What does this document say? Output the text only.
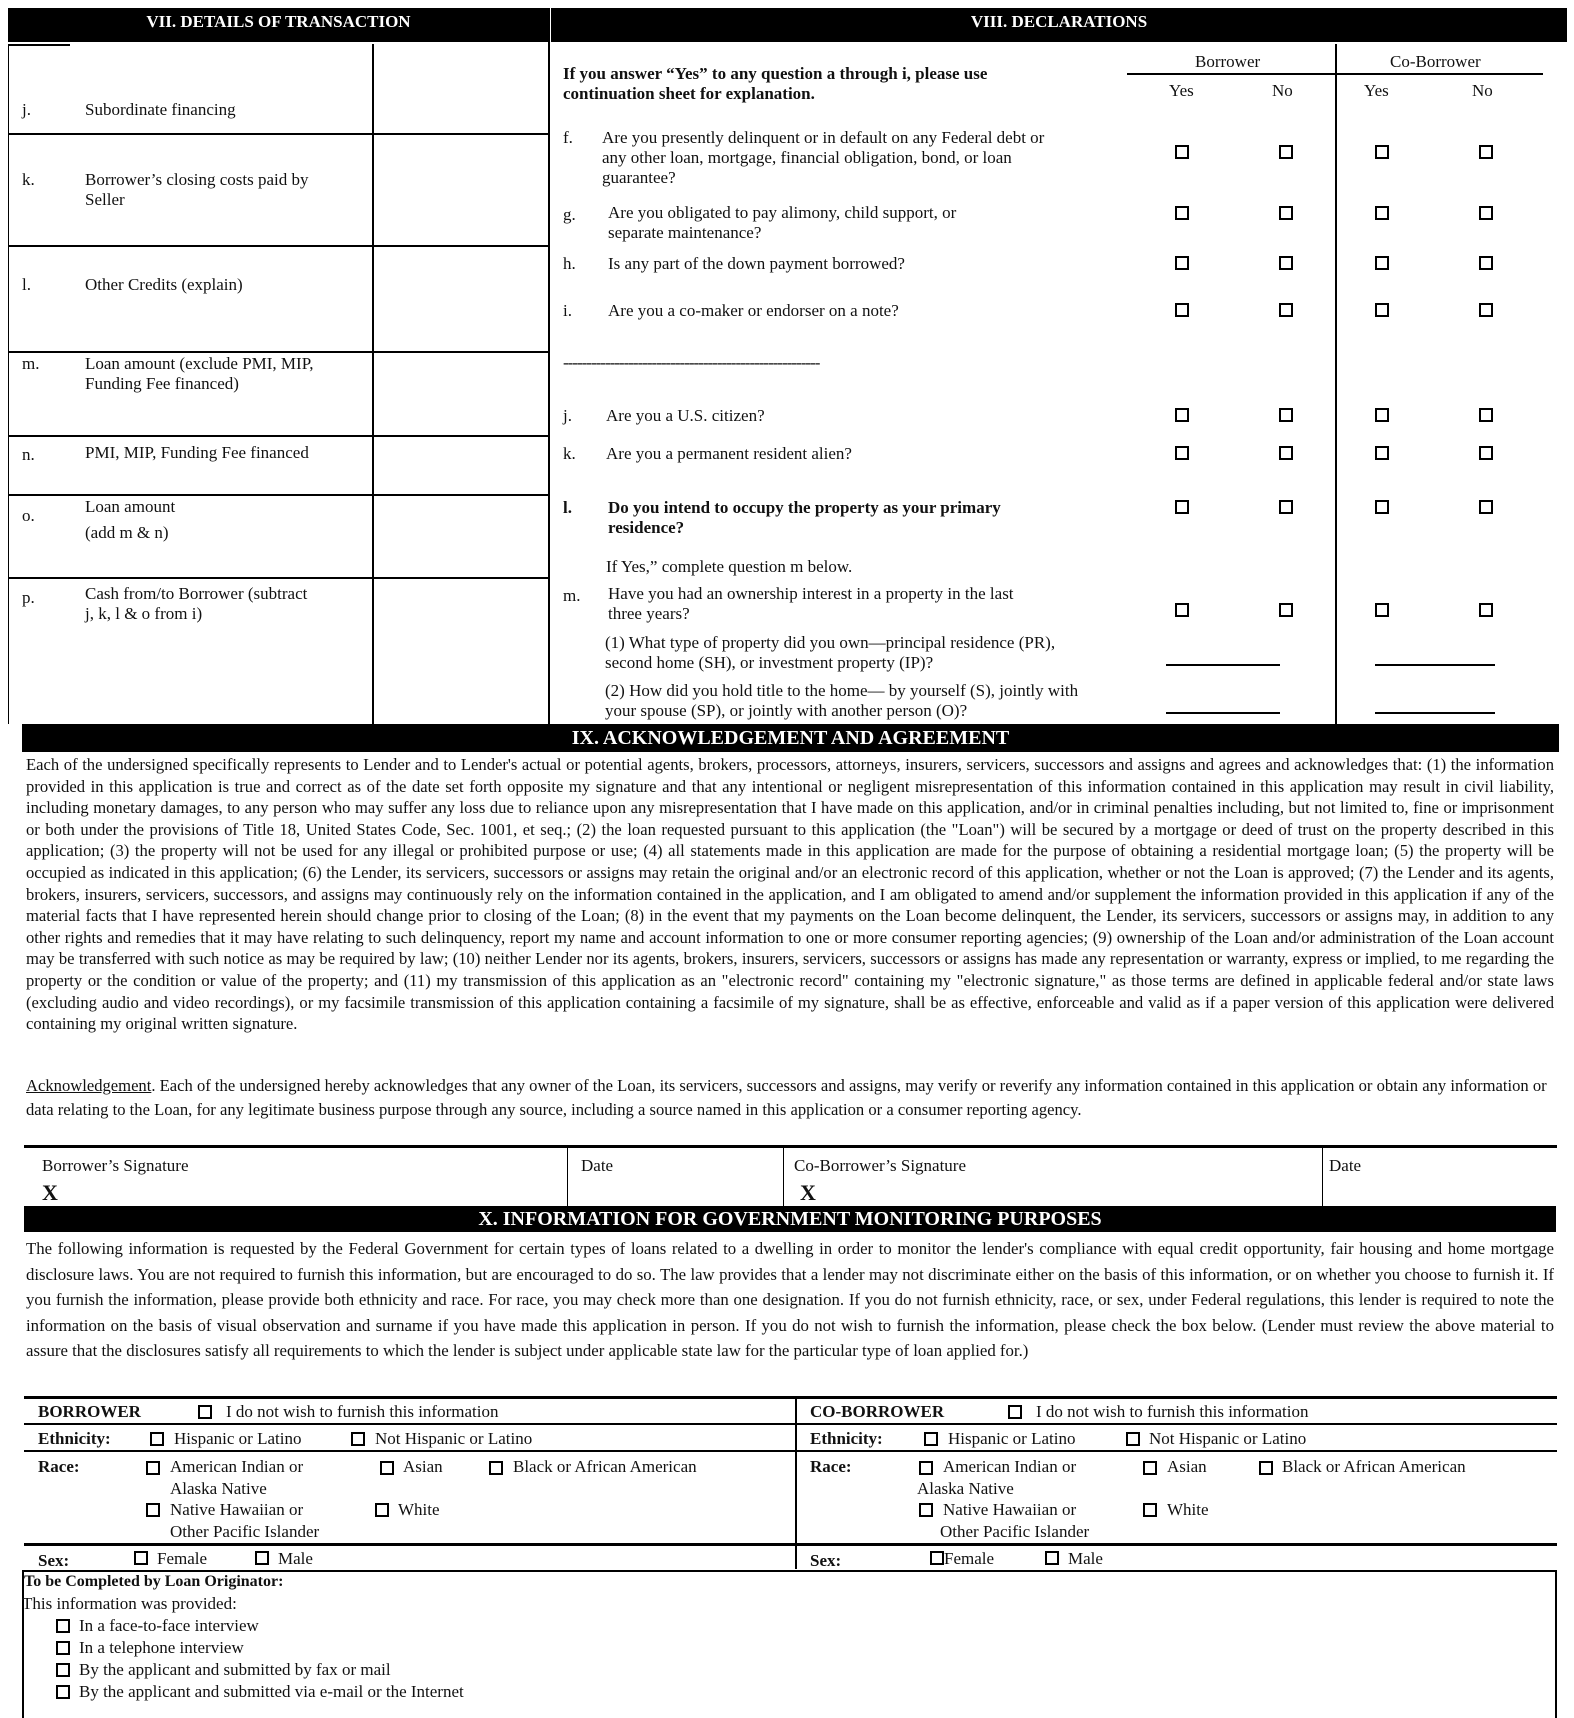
VII. DETAILS OF TRANSACTION	VIII. DECLARATIONS
j.	Subordinate financing
k.	Borrower’s closing costs paid by Seller
l.	Other Credits (explain)
m.	Loan amount (exclude PMI, MIP, Funding Fee financed)
n.	PMI, MIP, Funding Fee financed
o.	Loan amount
(add m & n)
p.	Cash from/to Borrower (subtract j, k, l & o from i)
Borrower	Co-Borrower
Yes	No	Yes	No
If you answer “Yes” to any question a through i, please use continuation sheet for explanation.
f. Are you presently delinquent or in default on any Federal debt or any other loan, mortgage, financial obligation, bond, or loan guarantee?
g. Are you obligated to pay alimony, child support, or separate maintenance?
h. Is any part of the down payment borrowed?
i. Are you a co-maker or endorser on a note?
-------------------------------------------------------
j. Are you a U.S. citizen?
k. Are you a permanent resident alien?
l. Do you intend to occupy the property as your primary residence?
If Yes,” complete question m below.
m. Have you had an ownership interest in a property in the last three years?
(1) What type of property did you own—principal residence (PR), second home (SH), or investment property (IP)?
(2) How did you hold title to the home— by yourself (S), jointly with your spouse (SP), or jointly with another person (O)?
IX. ACKNOWLEDGEMENT AND AGREEMENT
Each of the undersigned specifically represents to Lender and to Lender's actual or potential agents, brokers, processors, attorneys, insurers, servicers, successors and assigns and agrees and acknowledges that: (1) the information provided in this application is true and correct as of the date set forth opposite my signature and that any intentional or negligent misrepresentation of this information contained in this application may result in civil liability, including monetary damages, to any person who may suffer any loss due to reliance upon any misrepresentation that I have made on this application, and/or in criminal penalties including, but not limited to, fine or imprisonment or both under the provisions of Title 18, United States Code, Sec. 1001, et seq.; (2) the loan requested pursuant to this application (the "Loan") will be secured by a mortgage or deed of trust on the property described in this application; (3) the property will not be used for any illegal or prohibited purpose or use; (4) all statements made in this application are made for the purpose of obtaining a residential mortgage loan; (5) the property will be occupied as indicated in this application; (6) the Lender, its servicers, successors or assigns may retain the original and/or an electronic record of this application, whether or not the Loan is approved; (7) the Lender and its agents, brokers, insurers, servicers, successors, and assigns may continuously rely on the information contained in the application, and I am obligated to amend and/or supplement the information provided in this application if any of the material facts that I have represented herein should change prior to closing of the Loan; (8) in the event that my payments on the Loan become delinquent, the Lender, its servicers, successors or assigns may, in addition to any other rights and remedies that it may have relating to such delinquency, report my name and account information to one or more consumer reporting agencies; (9) ownership of the Loan and/or administration of the Loan account may be transferred with such notice as may be required by law; (10) neither Lender nor its agents, brokers, insurers, servicers, successors or assigns has made any representation or warranty, express or implied, to me regarding the property or the condition or value of the property; and (11) my transmission of this application as an "electronic record" containing my "electronic signature," as those terms are defined in applicable federal and/or state laws (excluding audio and video recordings), or my facsimile transmission of this application containing a facsimile of my signature, shall be as effective, enforceable and valid as if a paper version of this application were delivered containing my original written signature.
Acknowledgement. Each of the undersigned hereby acknowledges that any owner of the Loan, its servicers, successors and assigns, may verify or reverify any information contained in this application or obtain any information or data relating to the Loan, for any legitimate business purpose through any source, including a source named in this application or a consumer reporting agency.
Borrower’s Signature
X
Date	Co-Borrower’s Signature
X
Date
X. INFORMATION FOR GOVERNMENT MONITORING PURPOSES
The following information is requested by the Federal Government for certain types of loans related to a dwelling in order to monitor the lender's compliance with equal credit opportunity, fair housing and home mortgage disclosure laws. You are not required to furnish this information, but are encouraged to do so. The law provides that a lender may not discriminate either on the basis of this information, or on whether you choose to furnish it. If you furnish the information, please provide both ethnicity and race. For race, you may check more than one designation. If you do not furnish ethnicity, race, or sex, under Federal regulations, this lender is required to note the information on the basis of visual observation and surname if you have made this application in person. If you do not wish to furnish the information, please check the box below. (Lender must review the above material to assure that the disclosures satisfy all requirements to which the lender is subject under applicable state law for the particular type of loan applied for.)
BORROWER	I do not wish to furnish this information
Ethnicity:	Hispanic or Latino	Not Hispanic or Latino
Race:	American Indian or
Alaska Native
Asian	Black or African American
Native Hawaiian or
Other Pacific Islander
White
Sex:	Female	Male
CO-BORROWER	I do not wish to furnish this information
Ethnicity:	Hispanic or Latino	Not Hispanic or Latino
Race:	American Indian or
Alaska Native
Asian	Black or African American
Native Hawaiian or
Other Pacific Islander
White
Sex:	Female	Male
To be Completed by Loan Originator:
This information was provided:
In a face-to-face interview
In a telephone interview
By the applicant and submitted by fax or mail
By the applicant and submitted via e-mail or the Internet
